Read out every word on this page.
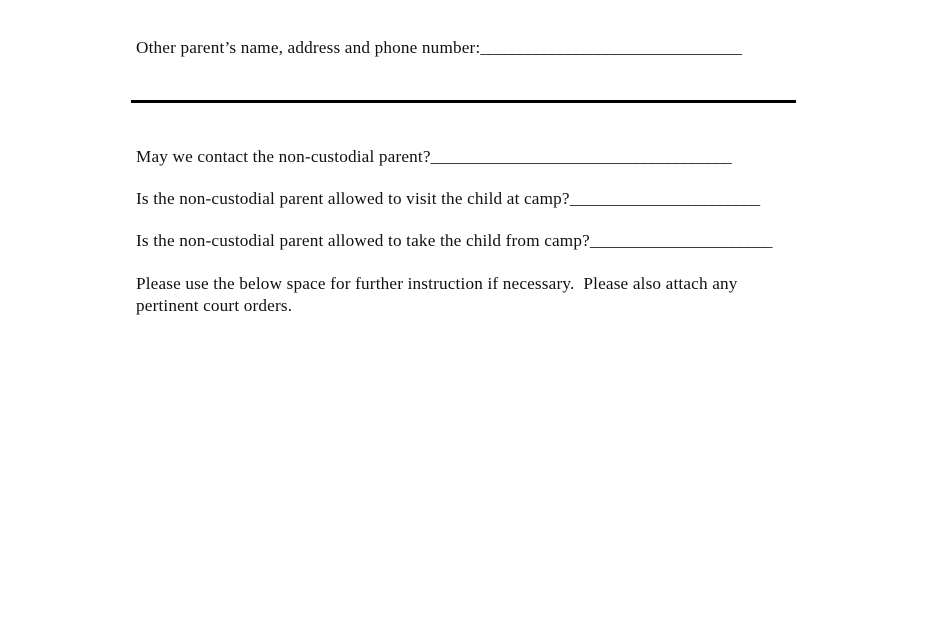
Other parent’s name, address and phone number:_________________________________
May we contact the non-custodial parent?______________________________________
Is the non-custodial parent allowed to visit the child at camp?________________________
Is the non-custodial parent allowed to take the child from camp?_______________________
Please use the below space for further instruction if necessary.  Please also attach any pertinent court orders.
